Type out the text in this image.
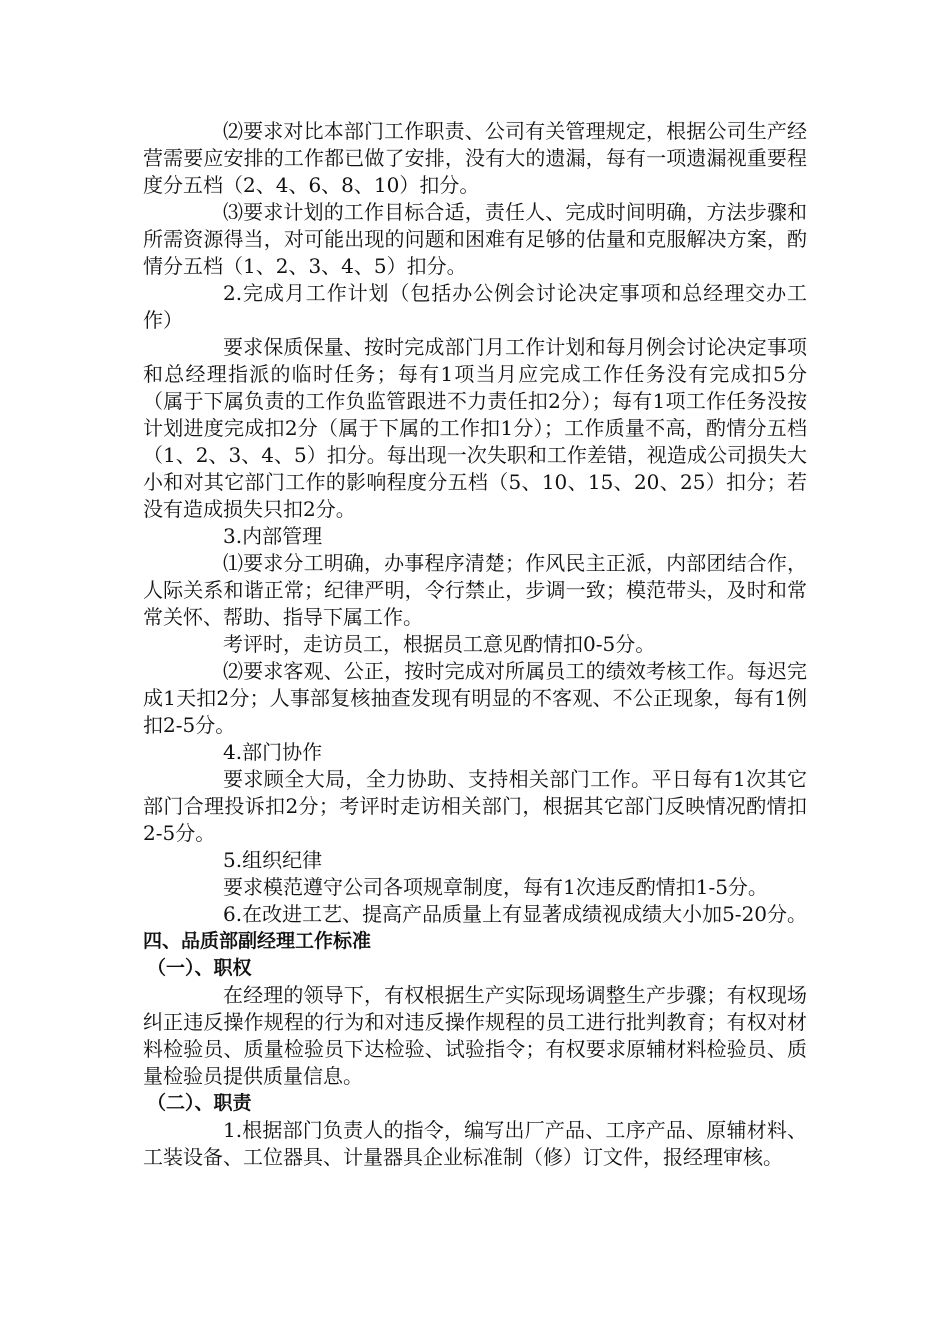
⑵要求对比本部门工作职责、公司有关管理规定，根据公司生产经营需要应安排的工作都已做了安排，没有大的遗漏，每有一项遗漏视重要程度分五档（2、4、6、8、10）扣分。

⑶要求计划的工作目标合适，责任人、完成时间明确，方法步骤和所需资源得当，对可能出现的问题和困难有足够的估量和克服解决方案，酌情分五档（1、2、3、4、5）扣分。

2.完成月工作计划（包括办公例会讨论决定事项和总经理交办工作）

要求保质保量、按时完成部门月工作计划和每月例会讨论决定事项和总经理指派的临时任务；每有1项当月应完成工作任务没有完成扣5分（属于下属负责的工作负监管跟进不力责任扣2分）；每有1项工作任务没按计划进度完成扣2分（属于下属的工作扣1分）；工作质量不高，酌情分五档（1、2、3、4、5）扣分。每出现一次失职和工作差错，视造成公司损失大小和对其它部门工作的影响程度分五档（5、10、15、20、25）扣分；若没有造成损失只扣2分。

3.内部管理

⑴要求分工明确，办事程序清楚；作风民主正派，内部团结合作，人际关系和谐正常；纪律严明，令行禁止，步调一致；模范带头，及时和常常关怀、帮助、指导下属工作。

考评时，走访员工，根据员工意见酌情扣0-5分。

⑵要求客观、公正，按时完成对所属员工的绩效考核工作。每迟完成1天扣2分；人事部复核抽查发现有明显的不客观、不公正现象，每有1例扣2-5分。

4.部门协作

要求顾全大局，全力协助、支持相关部门工作。平日每有1次其它部门合理投诉扣2分；考评时走访相关部门，根据其它部门反映情况酌情扣2-5分。

5.组织纪律

要求模范遵守公司各项规章制度，每有1次违反酌情扣1-5分。

6.在改进工艺、提高产品质量上有显著成绩视成绩大小加5-20分。

四、品质部副经理工作标准

（一）、职权

在经理的领导下，有权根据生产实际现场调整生产步骤；有权现场纠正违反操作规程的行为和对违反操作规程的员工进行批判教育；有权对材料检验员、质量检验员下达检验、试验指令；有权要求原辅材料检验员、质量检验员提供质量信息。

（二）、职责

1.根据部门负责人的指令，编写出厂产品、工序产品、原辅材料、工装设备、工位器具、计量器具企业标准制（修）订文件，报经理审核。
